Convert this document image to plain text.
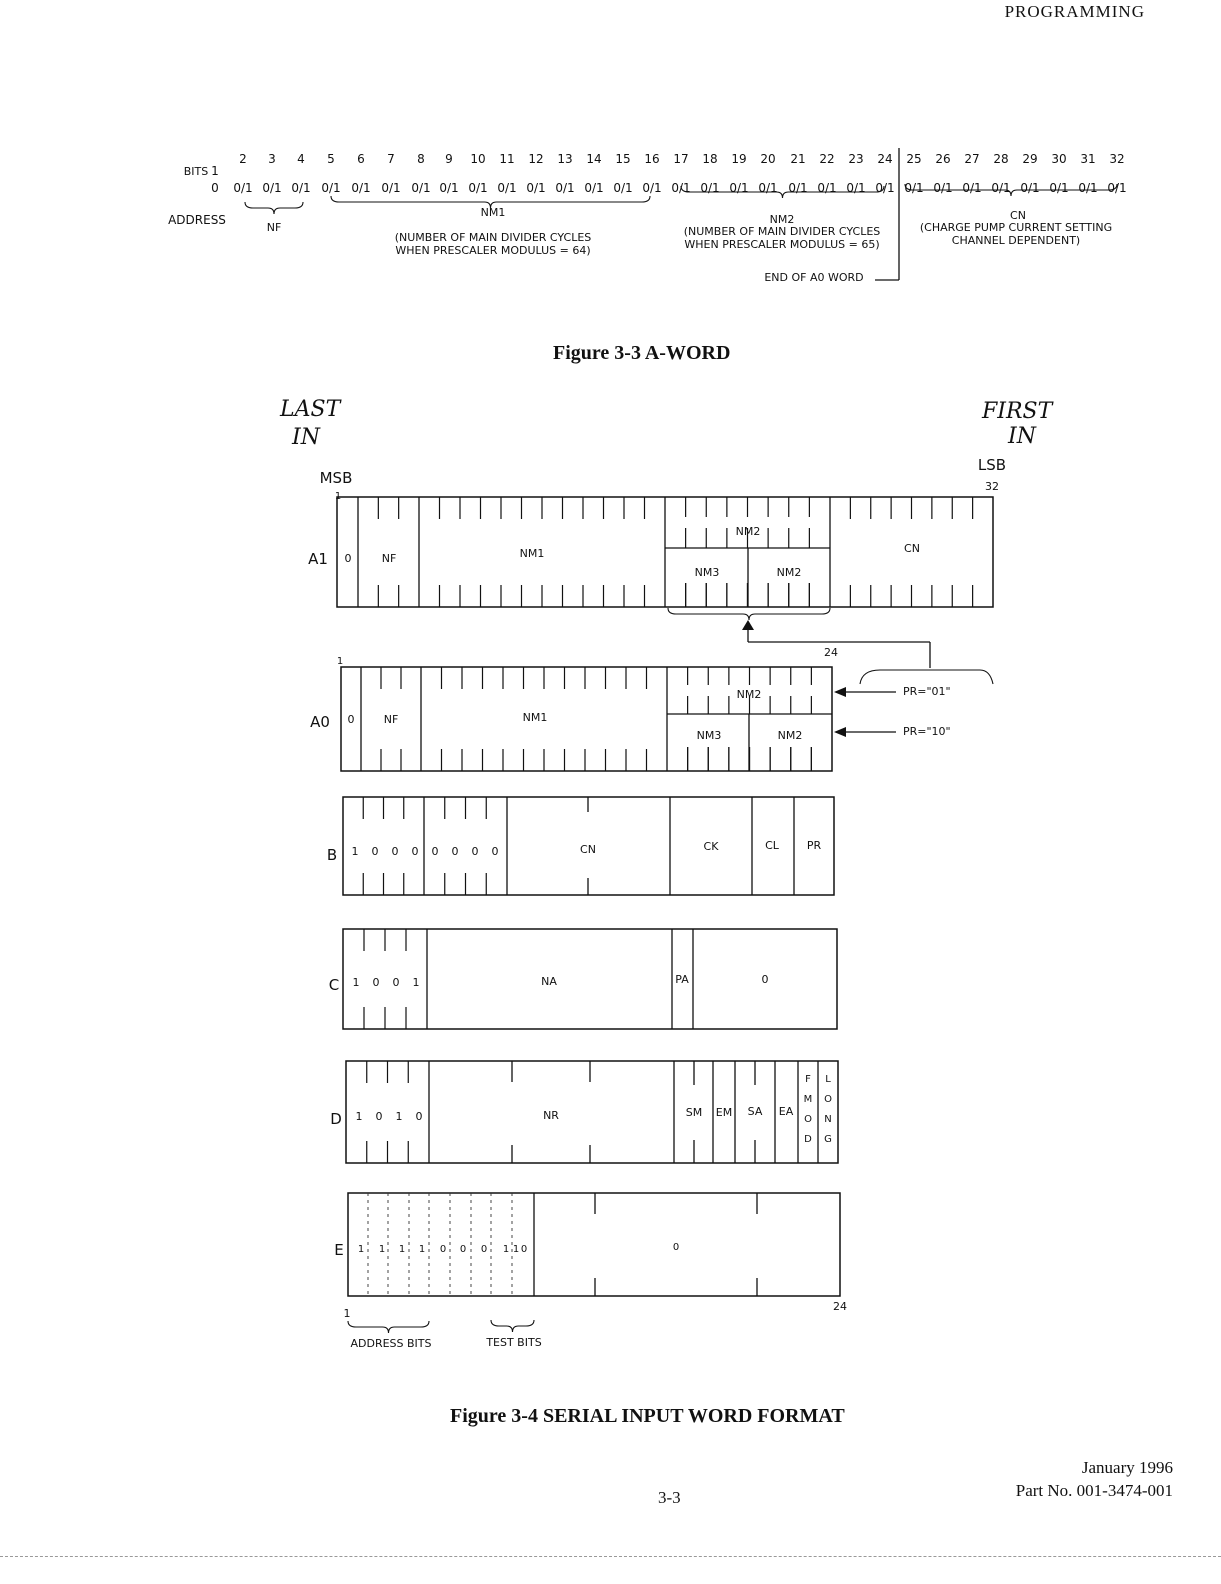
PROGRAMMING
BITS 1
2 3 4 5 6 7 8 9 10 11 12 13 14 15 16 17 18 19 20 21 22 23 24 25 26 27 28 29 30 31 32
0 0/1 0/1 0/1 0/1 0/1 0/1 0/1 0/1 0/1 0/1 0/1 0/1 0/1 0/1 0/1 0/1 0/1 0/1 0/1 0/1 0/1 0/1 0/1 0/1 0/1 0/1 0/1 0/1 0/1 0/1 0/1
ADDRESS
NF
NM1
(NUMBER OF MAIN DIVIDER CYCLES
WHEN PRESCALER MODULUS = 64)
NM2
(NUMBER OF MAIN DIVIDER CYCLES
WHEN PRESCALER MODULUS = 65)
CN
(CHARGE PUMP CURRENT SETTING
CHANNEL DEPENDENT)
END OF A0 WORD
Figure 3-3 A-WORD
LAST
IN
FIRST
IN
MSB
LSB
1
32
A1 0	NF	NM1
NM2
NM3	NM2
CN
1
24
A0 0	NF	NM1
NM2
NM3	NM2
PR="01"
PR="10"
B 1 0 0 0 0 0 0 0	CN	CK	CL	PR
C 1 0 0 1	NA	PA	0
D 1 0 1 0	NR	SM EM SA EA
F
M
O
D
L
O
N
G
E 1 1 1 1 0 0 0 1 1 0	0
1
24
ADDRESS BITS	TEST BITS
Figure 3-4 SERIAL INPUT WORD FORMAT
3-3
January 1996
Part No. 001-3474-001
